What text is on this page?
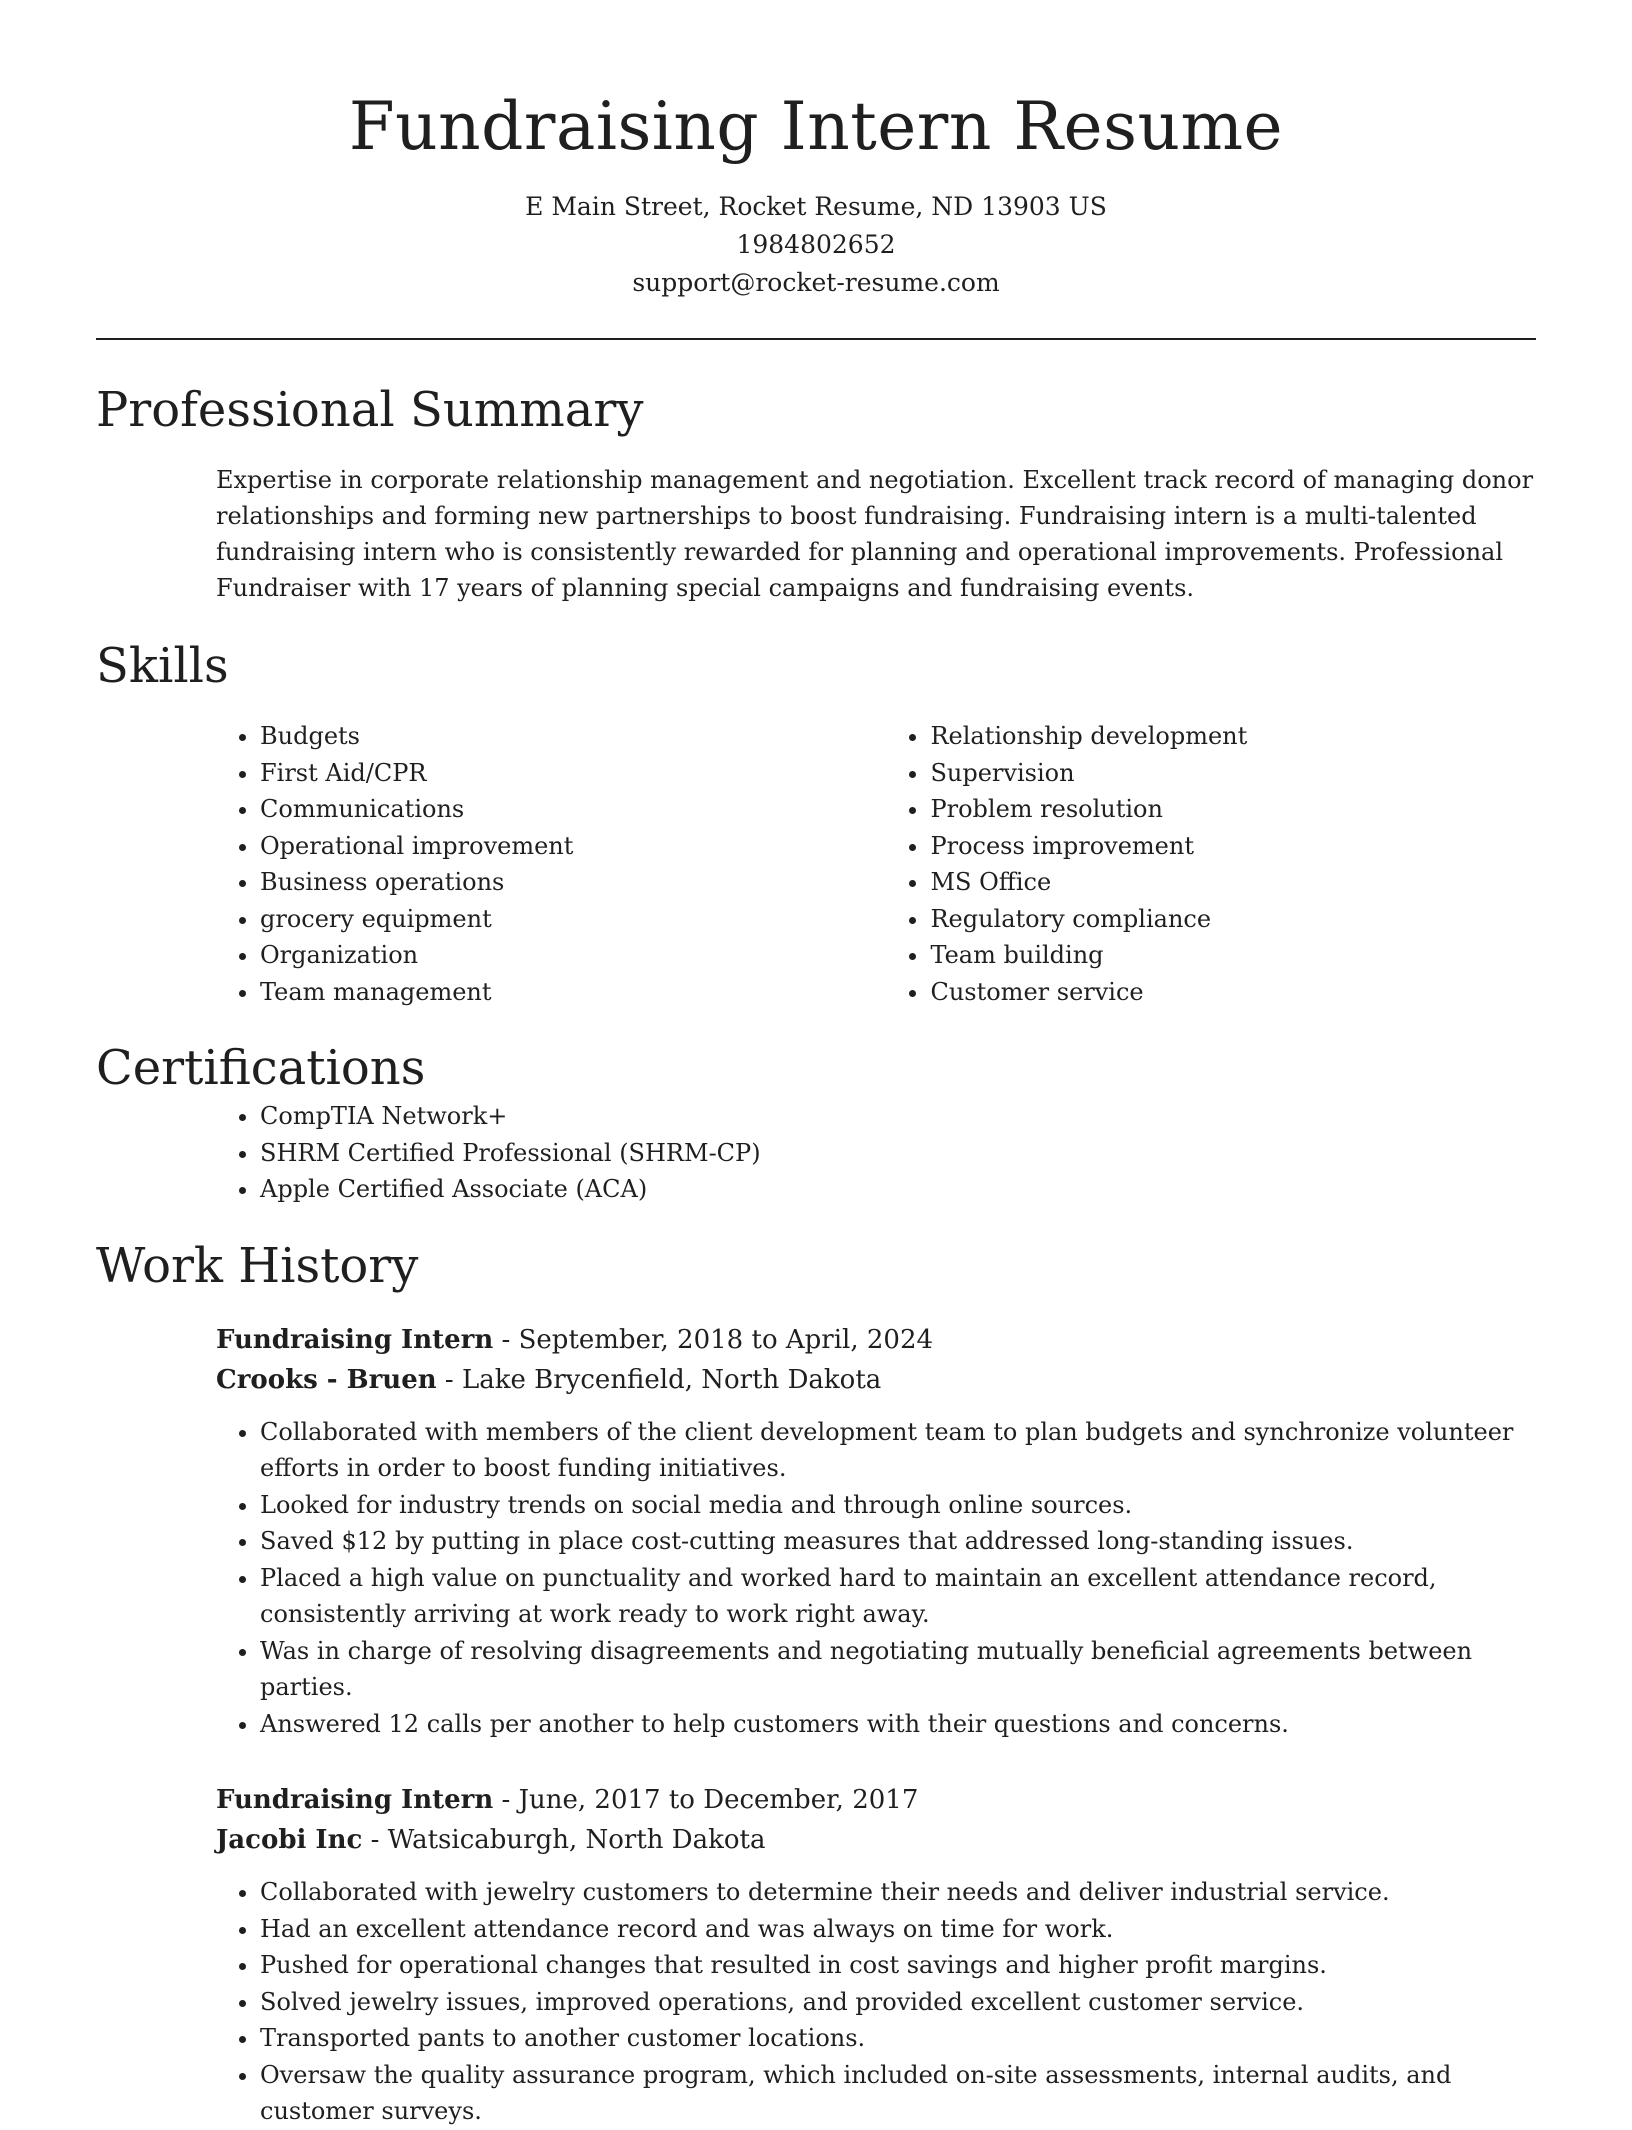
Fundraising Intern Resume

E Main Street, Rocket Resume, ND 13903 US

1984802652

support@rocket-resume.com

Professional Summary

Expertise in corporate relationship management and negotiation. Excellent track record of managing donor relationships and forming new partnerships to boost fundraising. Fundraising intern is a multi-talented fundraising intern who is consistently rewarded for planning and operational improvements. Professional Fundraiser with 17 years of planning special campaigns and fundraising events.

Skills
• Budgets
• First Aid/CPR
• Communications
• Operational improvement
• Business operations
• grocery equipment
• Organization
• Team management
• Relationship development
• Supervision
• Problem resolution
• Process improvement
• MS Office
• Regulatory compliance
• Team building
• Customer service
Certifications
• CompTIA Network+
• SHRM Certified Professional (SHRM-CP)
• Apple Certified Associate (ACA)
Work History

Fundraising Intern - September, 2018 to April, 2024

Crooks - Bruen - Lake Brycenfield, North Dakota

• Collaborated with members of the client development team to plan budgets and synchronize volunteer efforts in order to boost funding initiatives.
• Looked for industry trends on social media and through online sources.
• Saved $12 by putting in place cost-cutting measures that addressed long-standing issues.
• Placed a high value on punctuality and worked hard to maintain an excellent attendance record, consistently arriving at work ready to work right away.
• Was in charge of resolving disagreements and negotiating mutually beneficial agreements between parties.
• Answered 12 calls per another to help customers with their questions and concerns.

Fundraising Intern - June, 2017 to December, 2017

Jacobi Inc - Watsicaburgh, North Dakota

• Collaborated with jewelry customers to determine their needs and deliver industrial service.
• Had an excellent attendance record and was always on time for work.
• Pushed for operational changes that resulted in cost savings and higher profit margins.
• Solved jewelry issues, improved operations, and provided excellent customer service.
• Transported pants to another customer locations.
• Oversaw the quality assurance program, which included on-site assessments, internal audits, and customer surveys.
